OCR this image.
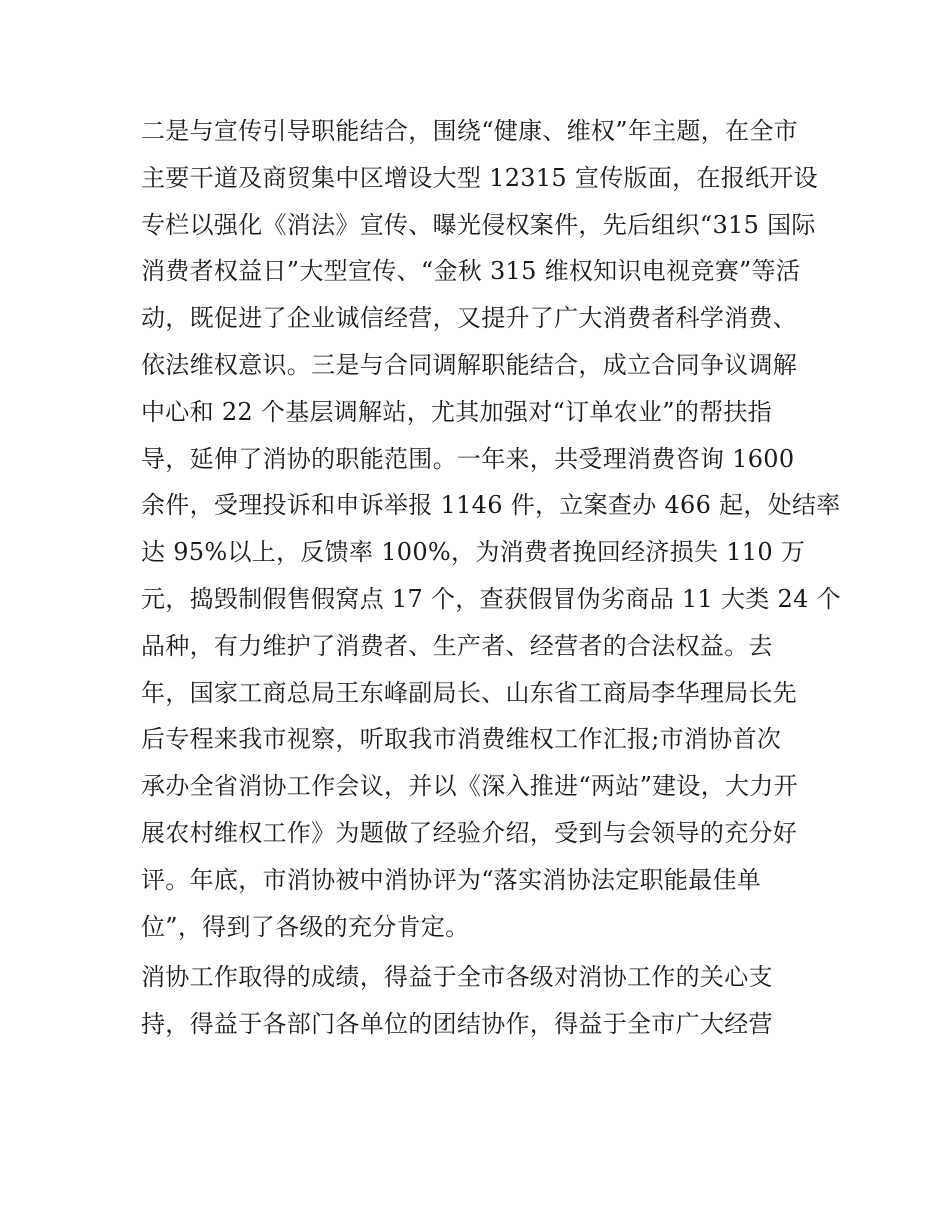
二是与宣传引导职能结合，围绕“健康、维权”年主题，在全市
主要干道及商贸集中区增设大型 12315 宣传版面，在报纸开设
专栏以强化《消法》宣传、曝光侵权案件，先后组织“315 国际
消费者权益日”大型宣传、“金秋 315 维权知识电视竞赛”等活
动，既促进了企业诚信经营，又提升了广大消费者科学消费、
依法维权意识。三是与合同调解职能结合，成立合同争议调解
中心和 22 个基层调解站，尤其加强对“订单农业”的帮扶指
导，延伸了消协的职能范围。一年来，共受理消费咨询 1600
余件，受理投诉和申诉举报 1146 件，立案查办 466 起，处结率
达 95%以上，反馈率 100%，为消费者挽回经济损失 110 万
元，捣毁制假售假窝点 17 个，查获假冒伪劣商品 11 大类 24 个
品种，有力维护了消费者、生产者、经营者的合法权益。去
年，国家工商总局王东峰副局长、山东省工商局李华理局长先
后专程来我市视察，听取我市消费维权工作汇报;市消协首次
承办全省消协工作会议，并以《深入推进“两站”建设，大力开
展农村维权工作》为题做了经验介绍，受到与会领导的充分好
评。年底，市消协被中消协评为“落实消协法定职能最佳单
位”，得到了各级的充分肯定。
消协工作取得的成绩，得益于全市各级对消协工作的关心支
持，得益于各部门各单位的团结协作，得益于全市广大经营
